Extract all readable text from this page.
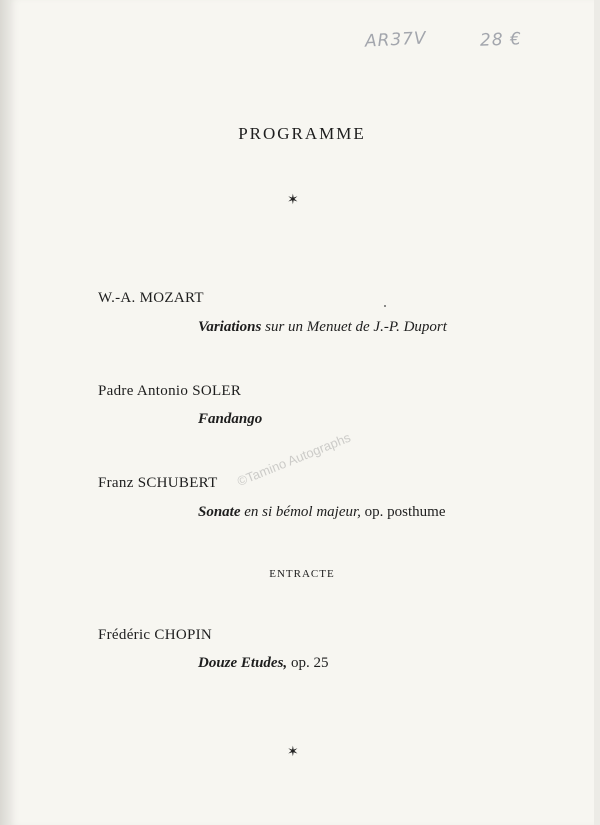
AR37V	28 €
PROGRAMME
✶
W.-A. MOZART
Variations sur un Menuet de J.-P. Duport
Padre Antonio SOLER
Fandango
Franz SCHUBERT
Sonate en si bémol majeur, op. posthume
ENTRACTE
Frédéric CHOPIN
Douze Etudes, op. 25
✶
©Tamino Autographs
